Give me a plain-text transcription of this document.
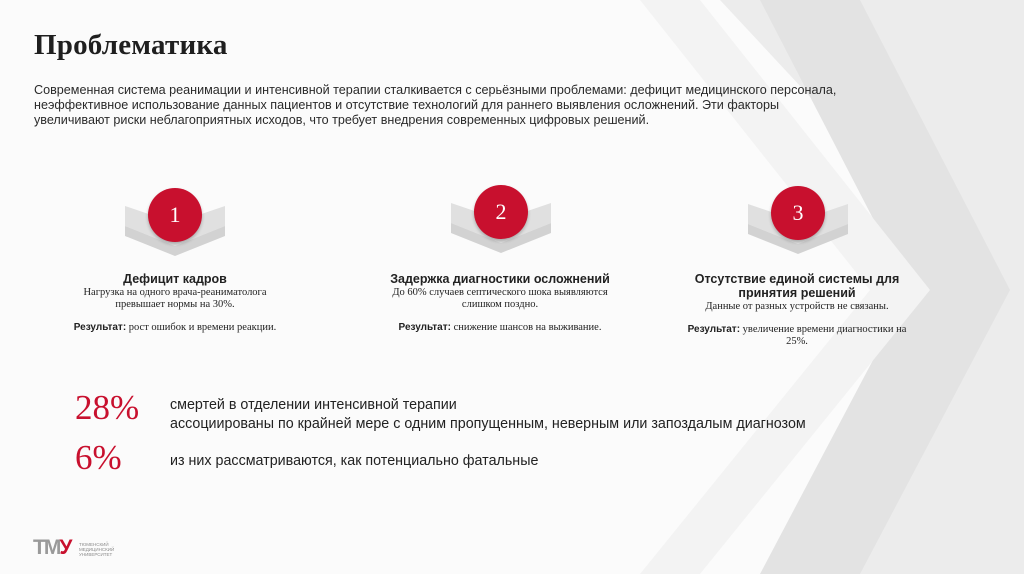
Проблематика
Современная система реанимации и интенсивной терапии сталкивается с серьёзными проблемами: дефицит медицинского персонала, неэффективное использование данных пациентов и отсутствие технологий для раннего выявления осложнений. Эти факторы увеличивают риски неблагоприятных исходов, что требует внедрения современных цифровых решений.
1	2	3
Дефицит кадров
Нагрузка на одного врача-реаниматолога превышает нормы на 30%.
Результат: рост ошибок и времени реакции.
Задержка диагностики осложнений
До 60% случаев септического шока выявляются слишком поздно.
Результат: снижение шансов на выживание.
Отсутствие единой системы для принятия решений
Данные от разных устройств не связаны.
Результат: увеличение времени диагностики на 25%.
28% смертей в отделении интенсивной терапии
ассоциированы по крайней мере с одним пропущенным, неверным или запоздалым диагнозом
6%	из них рассматриваются, как потенциально фатальные
ТМУ ТЮМЕНСКИЙ МЕДИЦИНСКИЙ УНИВЕРСИТЕТ
